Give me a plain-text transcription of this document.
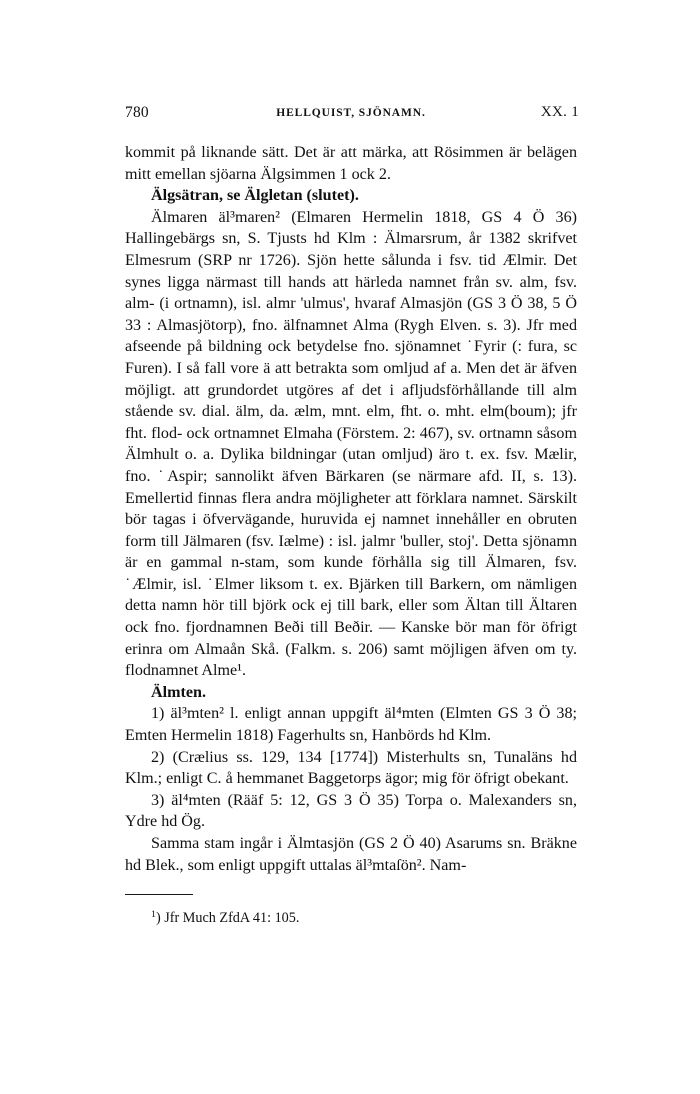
780	HELLQUIST, SJÖNAMN.	XX. 1

kommit på liknande sätt. Det är att märka, att Rösimmen är belägen mitt emellan sjöarna Älgsimmen 1 ock 2.

Älgsätran, se Älgletan (slutet).

Älmaren äl³maren² (Elmaren Hermelin 1818, GS 4 Ö 36) Hallingebärgs sn, S. Tjusts hd Klm : Älmarsrum, år 1382 skrifvet Elmesrum (SRP nr 1726). Sjön hette sålunda i fsv. tid Ælmir. Det synes ligga närmast till hands att härleda namnet från sv. alm, fsv. alm- (i ortnamn), isl. almr 'ulmus', hvaraf Almasjön (GS 3 Ö 38, 5 Ö 33 : Almasjötorp), fno. älfnamnet Alma (Rygh Elven. s. 3). Jfr med afseende på bildning ock betydelse fno. sjönamnet ˙Fyrir (: fura, sc Furen). I så fall vore ä att betrakta som omljud af a. Men det är äfven möjligt. att grundordet utgöres af det i afljudsförhållande till alm stående sv. dial. älm, da. ælm, mnt. elm, fht. o. mht. elm(boum); jfr fht. flod- ock ortnamnet Elmaha (Förstem. 2: 467), sv. ortnamn såsom Älmhult o. a. Dylika bildningar (utan omljud) äro t. ex. fsv. Mælir, fno. ˙Aspir; sannolikt äfven Bärkaren (se närmare afd. II, s. 13). Emellertid finnas flera andra möjligheter att förklara namnet. Särskilt bör tagas i öfvervägande, huruvida ej namnet innehåller en obruten form till Jälmaren (fsv. Iælme) : isl. jalmr 'buller, stoj'. Detta sjönamn är en gammal n-stam, som kunde förhålla sig till Älmaren, fsv. ˙Ælmir, isl. ˙Elmer liksom t. ex. Bjärken till Barkern, om nämligen detta namn hör till björk ock ej till bark, eller som Ältan till Ältaren ock fno. fjordnamnen Beði till Beðir. — Kanske bör man för öfrigt erinra om Almaån Skå. (Falkm. s. 206) samt möjligen äfven om ty. flodnamnet Alme¹.

Älmten.

1) äl³mten² l. enligt annan uppgift äl⁴mten (Elmten GS 3 Ö 38; Emten Hermelin 1818) Fagerhults sn, Hanbörds hd Klm.

2) (Crælius ss. 129, 134 [1774]) Misterhults sn, Tunaläns hd Klm.; enligt C. å hemmanet Baggetorps ägor; mig för öfrigt obekant.

3) äl⁴mten (Rääf 5: 12, GS 3 Ö 35) Torpa o. Malexanders sn, Ydre hd Ög.

Samma stam ingår i Älmtasjön (GS 2 Ö 40) Asarums sn. Bräkne hd Blek., som enligt uppgift uttalas äl³mtaſön². Nam-

$^1$) Jfr Much ZfdA 41: 105.
